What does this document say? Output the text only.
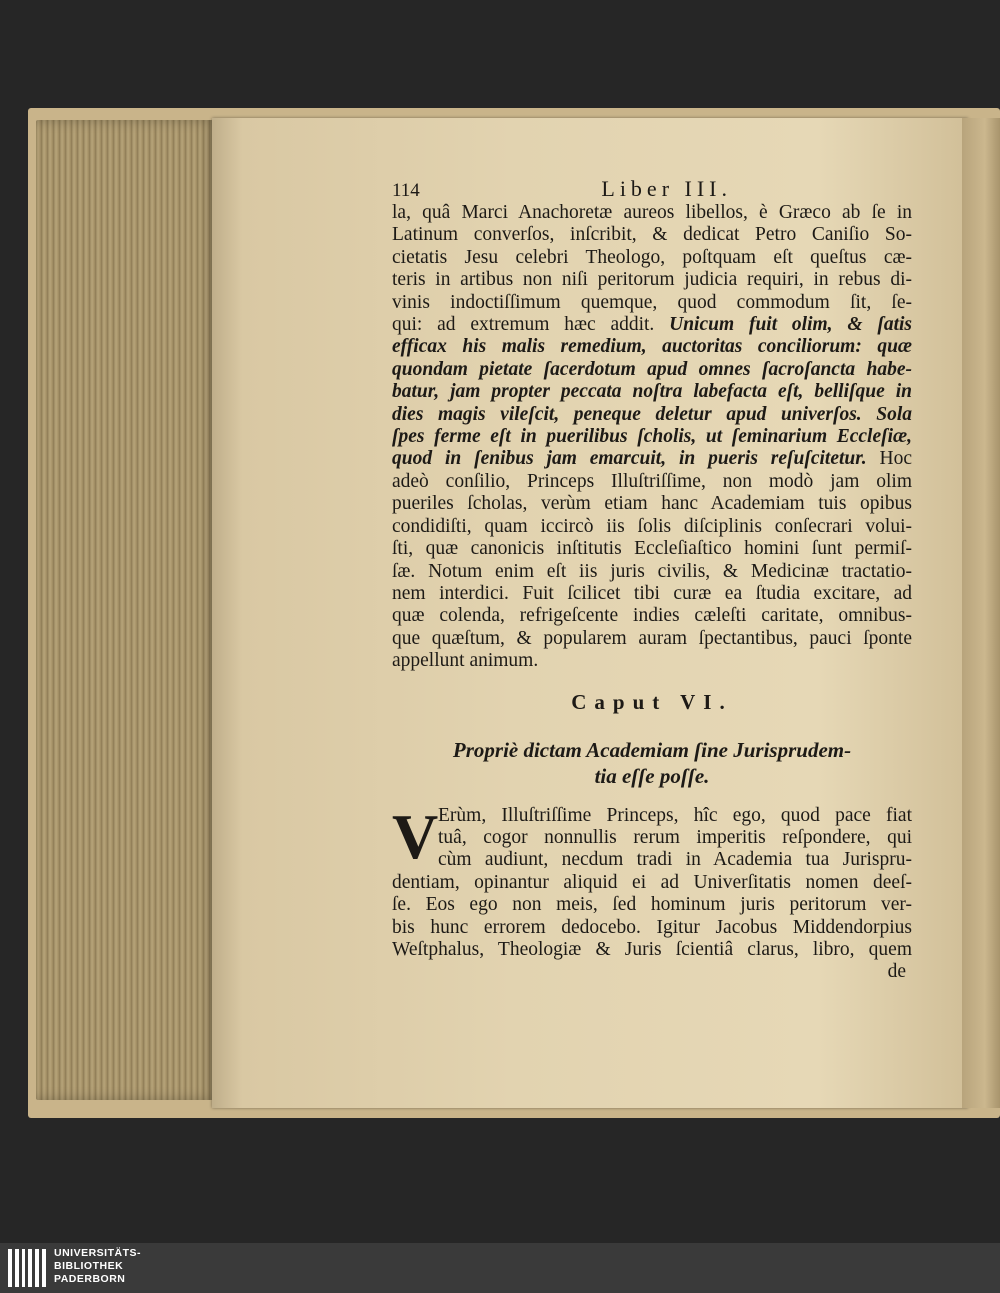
114	Liber III.
la, quâ Marci Anachoretæ aureos libellos, è Græco ab ſe in
Latinum converſos, inſcribit, & dedicat Petro Caniſio So-
cietatis Jesu celebri Theologo, poſtquam eſt queſtus cæ-
teris in artibus non niſi peritorum judicia requiri, in rebus di-
vinis indoctiſſimum quemque, quod commodum ſit, ſe-
qui: ad extremum hæc addit. Unicum fuit olim, & ſatis
efficax his malis remedium, auctoritas conciliorum: quæ
quondam pietate ſacerdotum apud omnes ſacroſancta habe-
batur, jam propter peccata noſtra labefacta eſt, belliſque in
dies magis vileſcit, peneque deletur apud univerſos. Sola
ſpes ferme eſt in puerilibus ſcholis, ut ſeminarium Eccleſiæ,
quod in ſenibus jam emarcuit, in pueris reſuſcitetur. Hoc
adeò conſilio, Princeps Illuſtriſſime, non modò jam olim
pueriles ſcholas, verùm etiam hanc Academiam tuis opibus
condidiſti, quam iccircò iis ſolis diſciplinis conſecrari volui-
ſti, quæ canonicis inſtitutis Eccleſiaſtico homini ſunt permiſ-
ſæ. Notum enim eſt iis juris civilis, & Medicinæ tractatio-
nem interdici. Fuit ſcilicet tibi curæ ea ſtudia excitare, ad
quæ colenda, refrigeſcente indies cæleſti caritate, omnibus-
que quæſtum, & popularem auram ſpectantibus, pauci ſponte
appellunt animum.
Caput VI.
Propriè dictam Academiam ſine Jurisprudem-
tia eſſe poſſe.
V Erùm, Illuſtriſſime Princeps, hîc ego, quod pace fiat
tuâ, cogor nonnullis rerum imperitis reſpondere, qui
cùm audiunt, necdum tradi in Academia tua Jurispru-
dentiam, opinantur aliquid ei ad Univerſitatis nomen deeſ-
ſe. Eos ego non meis, ſed hominum juris peritorum ver-
bis hunc errorem dedocebo. Igitur Jacobus Middendorpius
Weſtphalus, Theologiæ & Juris ſcientiâ clarus, libro, quem
de
UNIVERSITÄTS-
BIBLIOTHEK
PADERBORN
